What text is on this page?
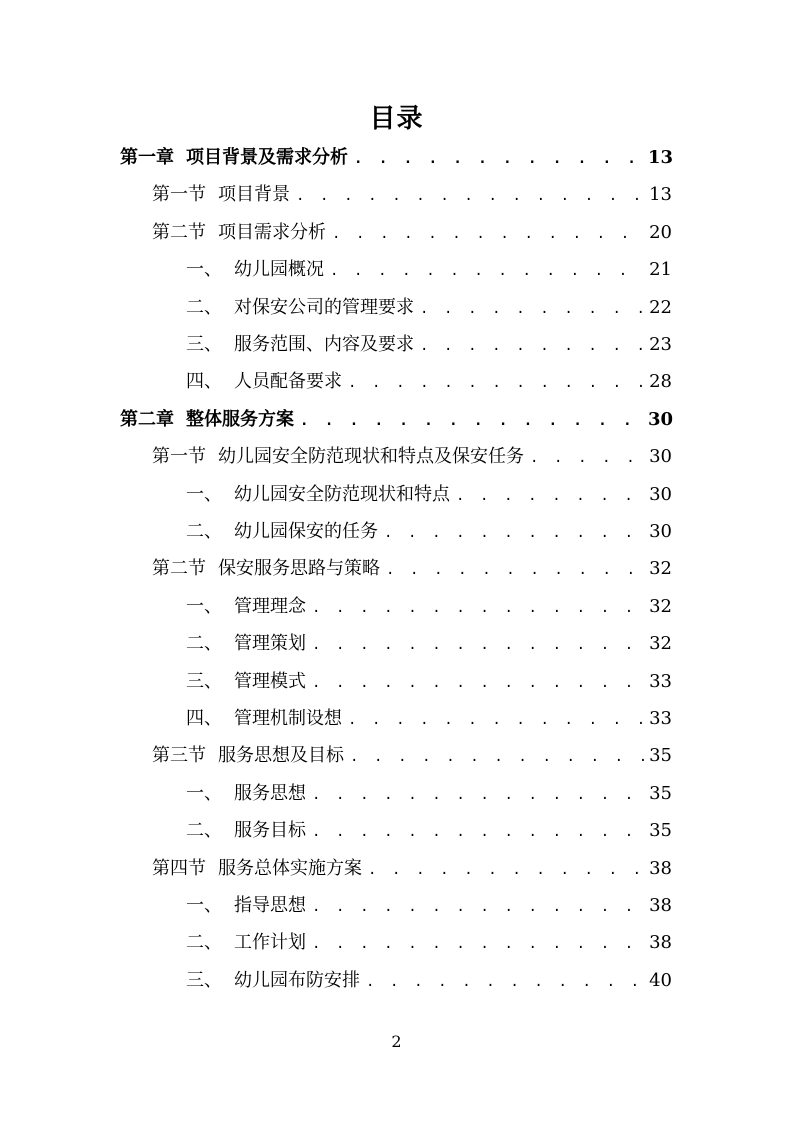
目录
第一章 项目背景及需求分析 . . .	13
第一节 项目背景 . . .	13
第二节 项目需求分析 . . .	20
一、 幼儿园概况 . . .	21
二、 对保安公司的管理要求 . . .	22
三、 服务范围、内容及要求 . . .	23
四、 人员配备要求 . . .	28
第二章 整体服务方案 . . .	30
第一节 幼儿园安全防范现状和特点及保安任务 . . .	30
一、 幼儿园安全防范现状和特点 . . .	30
二、 幼儿园保安的任务 . . .	30
第二节 保安服务思路与策略 . . .	32
一、 管理理念 . . .	32
二、 管理策划 . . .	32
三、 管理模式 . . .	33
四、 管理机制设想 . . .	33
第三节 服务思想及目标 . . .	35
一、 服务思想 . . .	35
二、 服务目标 . . .	35
第四节 服务总体实施方案 . . .	38
一、 指导思想 . . .	38
二、 工作计划 . . .	38
三、 幼儿园布防安排 . . .	40
2
